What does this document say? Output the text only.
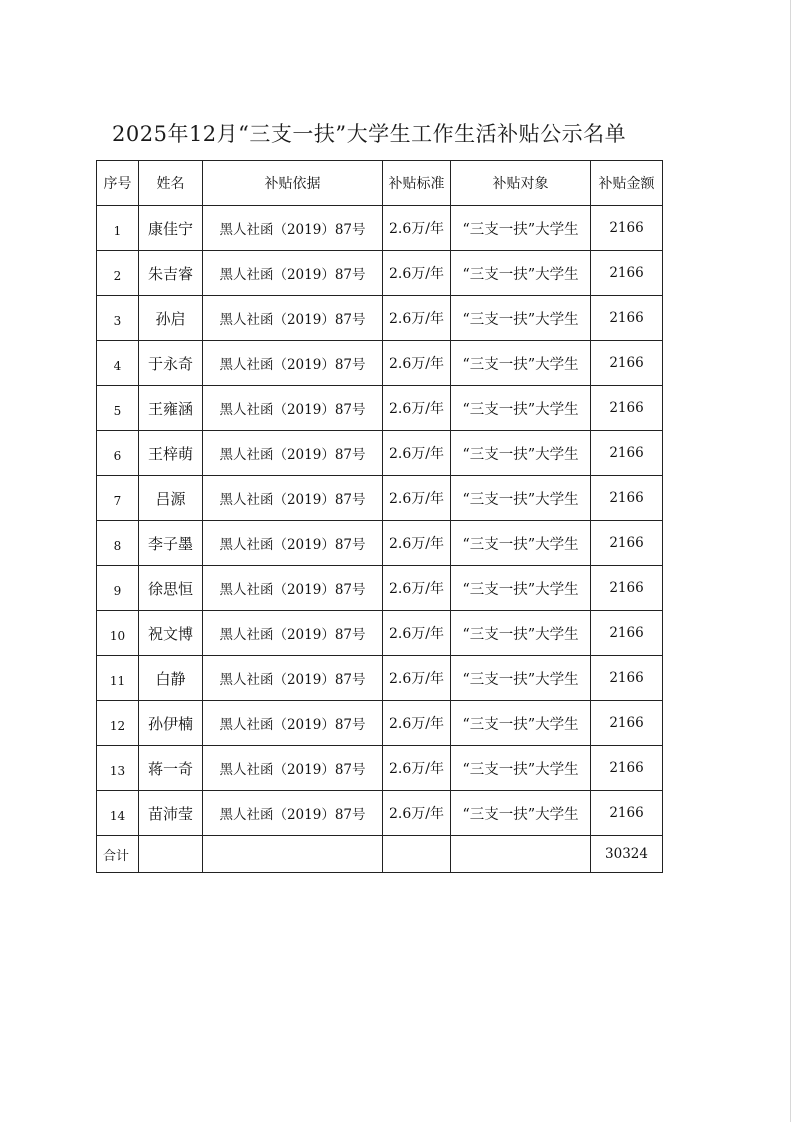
2025年12月“三支一扶”大学生工作生活补贴公示名单
序号	姓名	补贴依据	补贴标准	补贴对象	补贴金额
1	康佳宁	黑人社函（2019）87号	2.6万/年	“三支一扶”大学生	2166
2	朱吉睿	黑人社函（2019）87号	2.6万/年	“三支一扶”大学生	2166
3	孙启	黑人社函（2019）87号	2.6万/年	“三支一扶”大学生	2166
4	于永奇	黑人社函（2019）87号	2.6万/年	“三支一扶”大学生	2166
5	王雍涵	黑人社函（2019）87号	2.6万/年	“三支一扶”大学生	2166
6	王梓萌	黑人社函（2019）87号	2.6万/年	“三支一扶”大学生	2166
7	吕源	黑人社函（2019）87号	2.6万/年	“三支一扶”大学生	2166
8	李子墨	黑人社函（2019）87号	2.6万/年	“三支一扶”大学生	2166
9	徐思恒	黑人社函（2019）87号	2.6万/年	“三支一扶”大学生	2166
10	祝文博	黑人社函（2019）87号	2.6万/年	“三支一扶”大学生	2166
11	白静	黑人社函（2019）87号	2.6万/年	“三支一扶”大学生	2166
12	孙伊楠	黑人社函（2019）87号	2.6万/年	“三支一扶”大学生	2166
13	蒋一奇	黑人社函（2019）87号	2.6万/年	“三支一扶”大学生	2166
14	苗沛莹	黑人社函（2019）87号	2.6万/年	“三支一扶”大学生	2166
合计					30324
